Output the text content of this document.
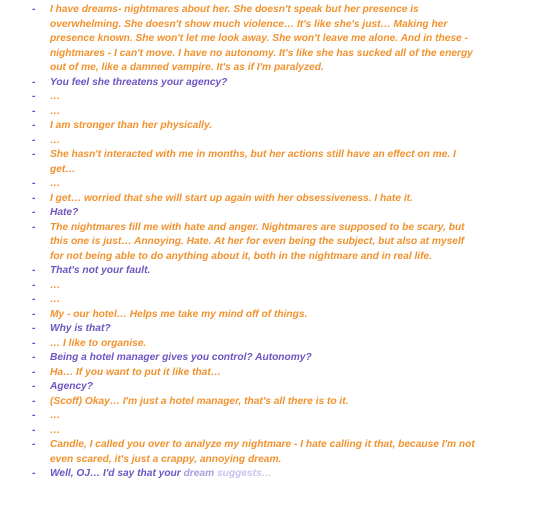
- I have dreams- nightmares about her. She doesn't speak but her presence is overwhelming. She doesn't show much violence… It's like she's just… Making her presence known. She won't let me look away. She won't leave me alone. And in these - nightmares - I can't move. I have no autonomy. It's like she has sucked all of the energy out of me, like a damned vampire. It's as if I'm paralyzed.
- You feel she threatens your agency?
- …
- …
- I am stronger than her physically.
- …
- She hasn't interacted with me in months, but her actions still have an effect on me. I get…
- …
- I get… worried that she will start up again with her obsessiveness. I hate it.
- Hate?
- The nightmares fill me with hate and anger. Nightmares are supposed to be scary, but this one is just… Annoying. Hate. At her for even being the subject, but also at myself for not being able to do anything about it, both in the nightmare and in real life.
- That's not your fault.
- …
- …
- My - our hotel… Helps me take my mind off of things.
- Why is that?
- … I like to organise.
- Being a hotel manager gives you control? Autonomy?
- Ha… If you want to put it like that…
- Agency?
- (Scoff) Okay… I'm just a hotel manager, that's all there is to it.
- …
- …
- Candle, I called you over to analyze my nightmare - I hate calling it that, because I'm not even scared, it's just a crappy, annoying dream.
- Well, OJ… I'd say that your dream suggests…
